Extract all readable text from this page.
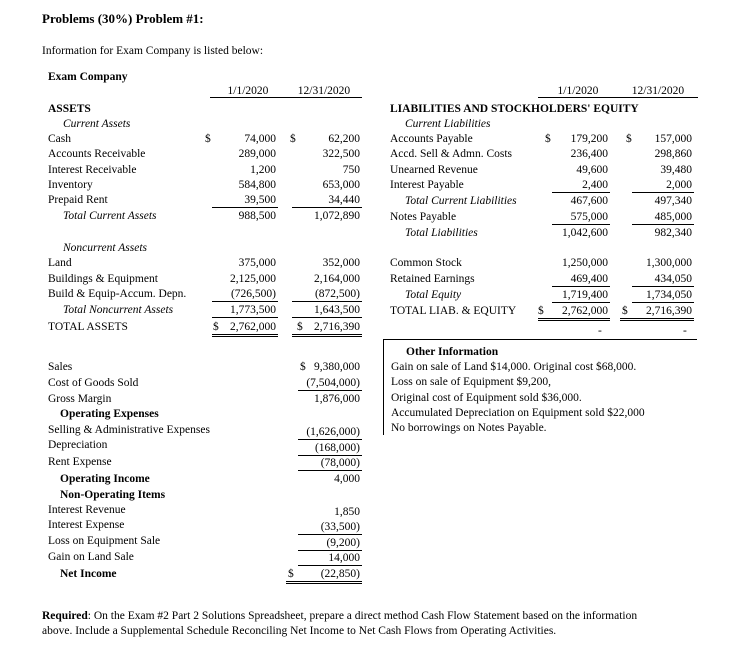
Problems (30%) Problem #1:
Information for Exam Company is listed below:
Exam Company
1/1/2020	12/31/2020
ASSETS
Current Assets
$	$
Cash	74,000	62,200
Accounts Receivable	289,000	322,500
Interest Receivable	1,200	750
Inventory	584,800	653,000
Prepaid Rent	39,500	34,440
Total Current Assets	988,500	1,072,890
Noncurrent Assets
Land	375,000	352,000
Buildings & Equipment	2,125,000	2,164,000
Build & Equip-Accum. Depn.	(726,500)	(872,500)
Total Noncurrent Assets	1,773,500	1,643,500
TOTAL ASSETS	$ 2,762,000 $ 2,716,390
1/1/2020	12/31/2020
LIABILITIES AND STOCKHOLDERS' EQUITY
Current Liabilities
$	$
Accounts Payable	179,200	157,000
Accd. Sell & Admn. Costs	236,400	298,860
Unearned Revenue	49,600	39,480
Interest Payable	2,400	2,000
Total Current Liabilities	467,600	497,340
Notes Payable	575,000	485,000
Total Liabilities	1,042,600	982,340
Common Stock	1,250,000	1,300,000
Retained Earnings	469,400	434,050
Total Equity	1,719,400	1,734,050
TOTAL LIAB. & EQUITY $	2,762,000 $	2,716,390
-	-
Sales	$ 9,380,000
Cost of Goods Sold	(7,504,000)
Gross Margin	1,876,000
Operating Expenses
Selling & Administrative Expenses	(1,626,000)
Depreciation	(168,000)
Rent Expense	(78,000)
Operating Income	4,000
Non-Operating Items
Interest Revenue	1,850
Interest Expense	(33,500)
Loss on Equipment Sale	(9,200)
Gain on Land Sale	14,000
Net Income	$	(22,850)
Other Information
Gain on sale of Land $14,000. Original cost $68,000.
Loss on sale of Equipment $9,200,
Original cost of Equipment sold $36,000.
Accumulated Depreciation on Equipment sold $22,000
No borrowings on Notes Payable.
Required: On the Exam #2 Part 2 Solutions Spreadsheet, prepare a direct method Cash Flow Statement based on the information
above. Include a Supplemental Schedule Reconciling Net Income to Net Cash Flows from Operating Activities.
